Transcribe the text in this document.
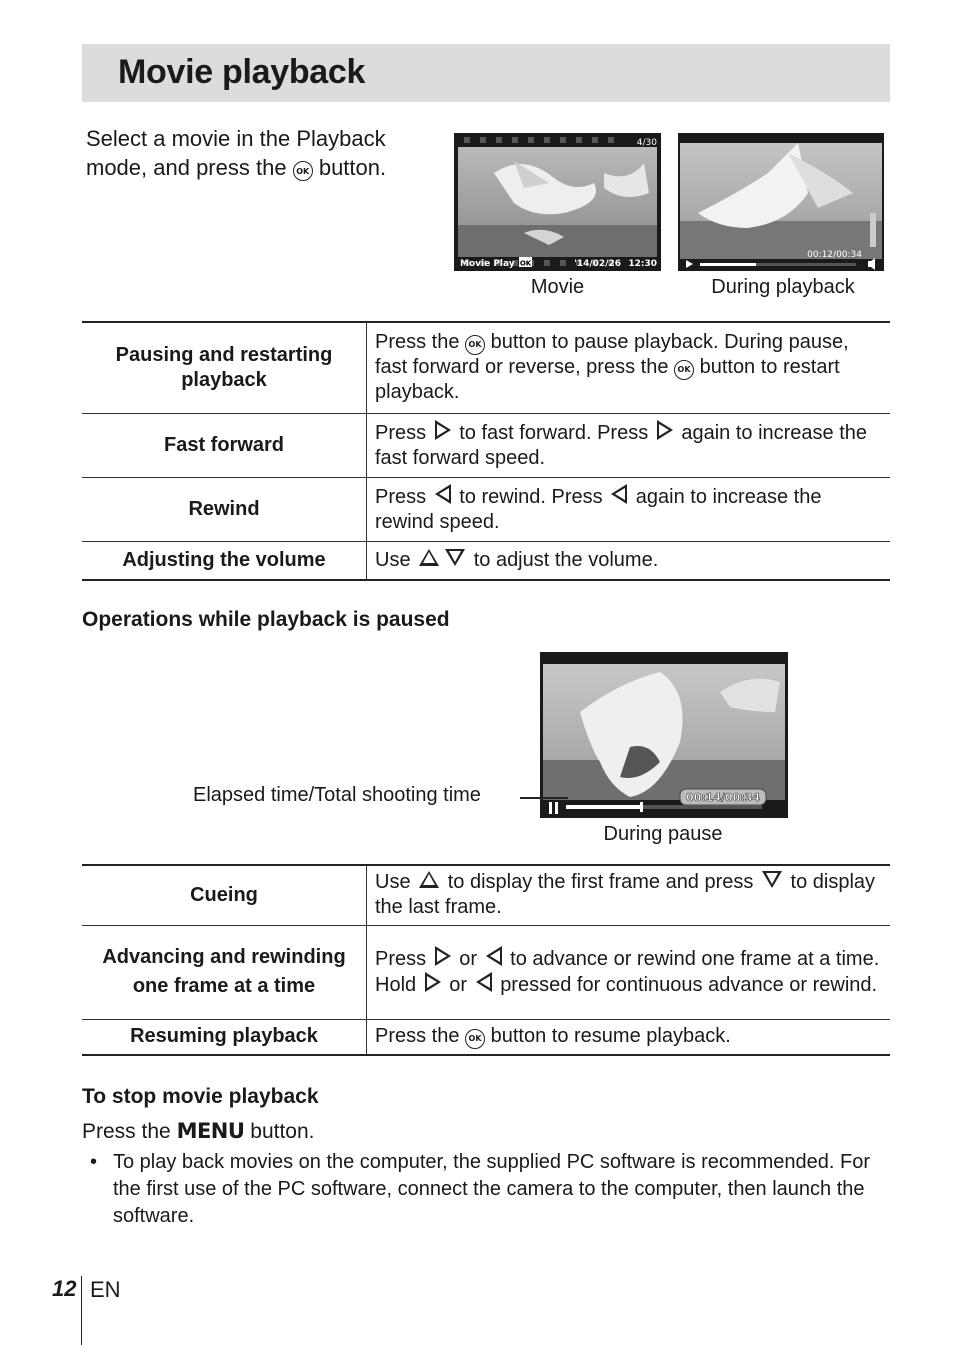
Movie playback
Select a movie in the Playback
mode, and press the OK button.
4/30
Movie Play OK	'14/02/26 12:30
Movie
00:12/00:34
During playback
Pausing and restarting playback	Press the OK button to pause playback. During pause, fast forward or reverse, press the OK button to restart playback.
Fast forward	Press to fast forward. Press again to increase the fast forward speed.
Rewind	Press to rewind. Press again to increase the rewind speed.
Adjusting the volume	Use to adjust the volume.
Operations while playback is paused
00:14/00:34
Elapsed time/Total shooting time
During pause
Cueing	Use to display the first frame and press to display the last frame.
Advancing and rewinding one frame at a time	Press or to advance or rewind one frame at a time. Hold or pressed for continuous advance or rewind.
Resuming playback	Press the OK button to resume playback.
To stop movie playback
Press the MENU button.
• To play back movies on the computer, the supplied PC software is recommended. For the first use of the PC software, connect the camera to the computer, then launch the software.
12 EN
